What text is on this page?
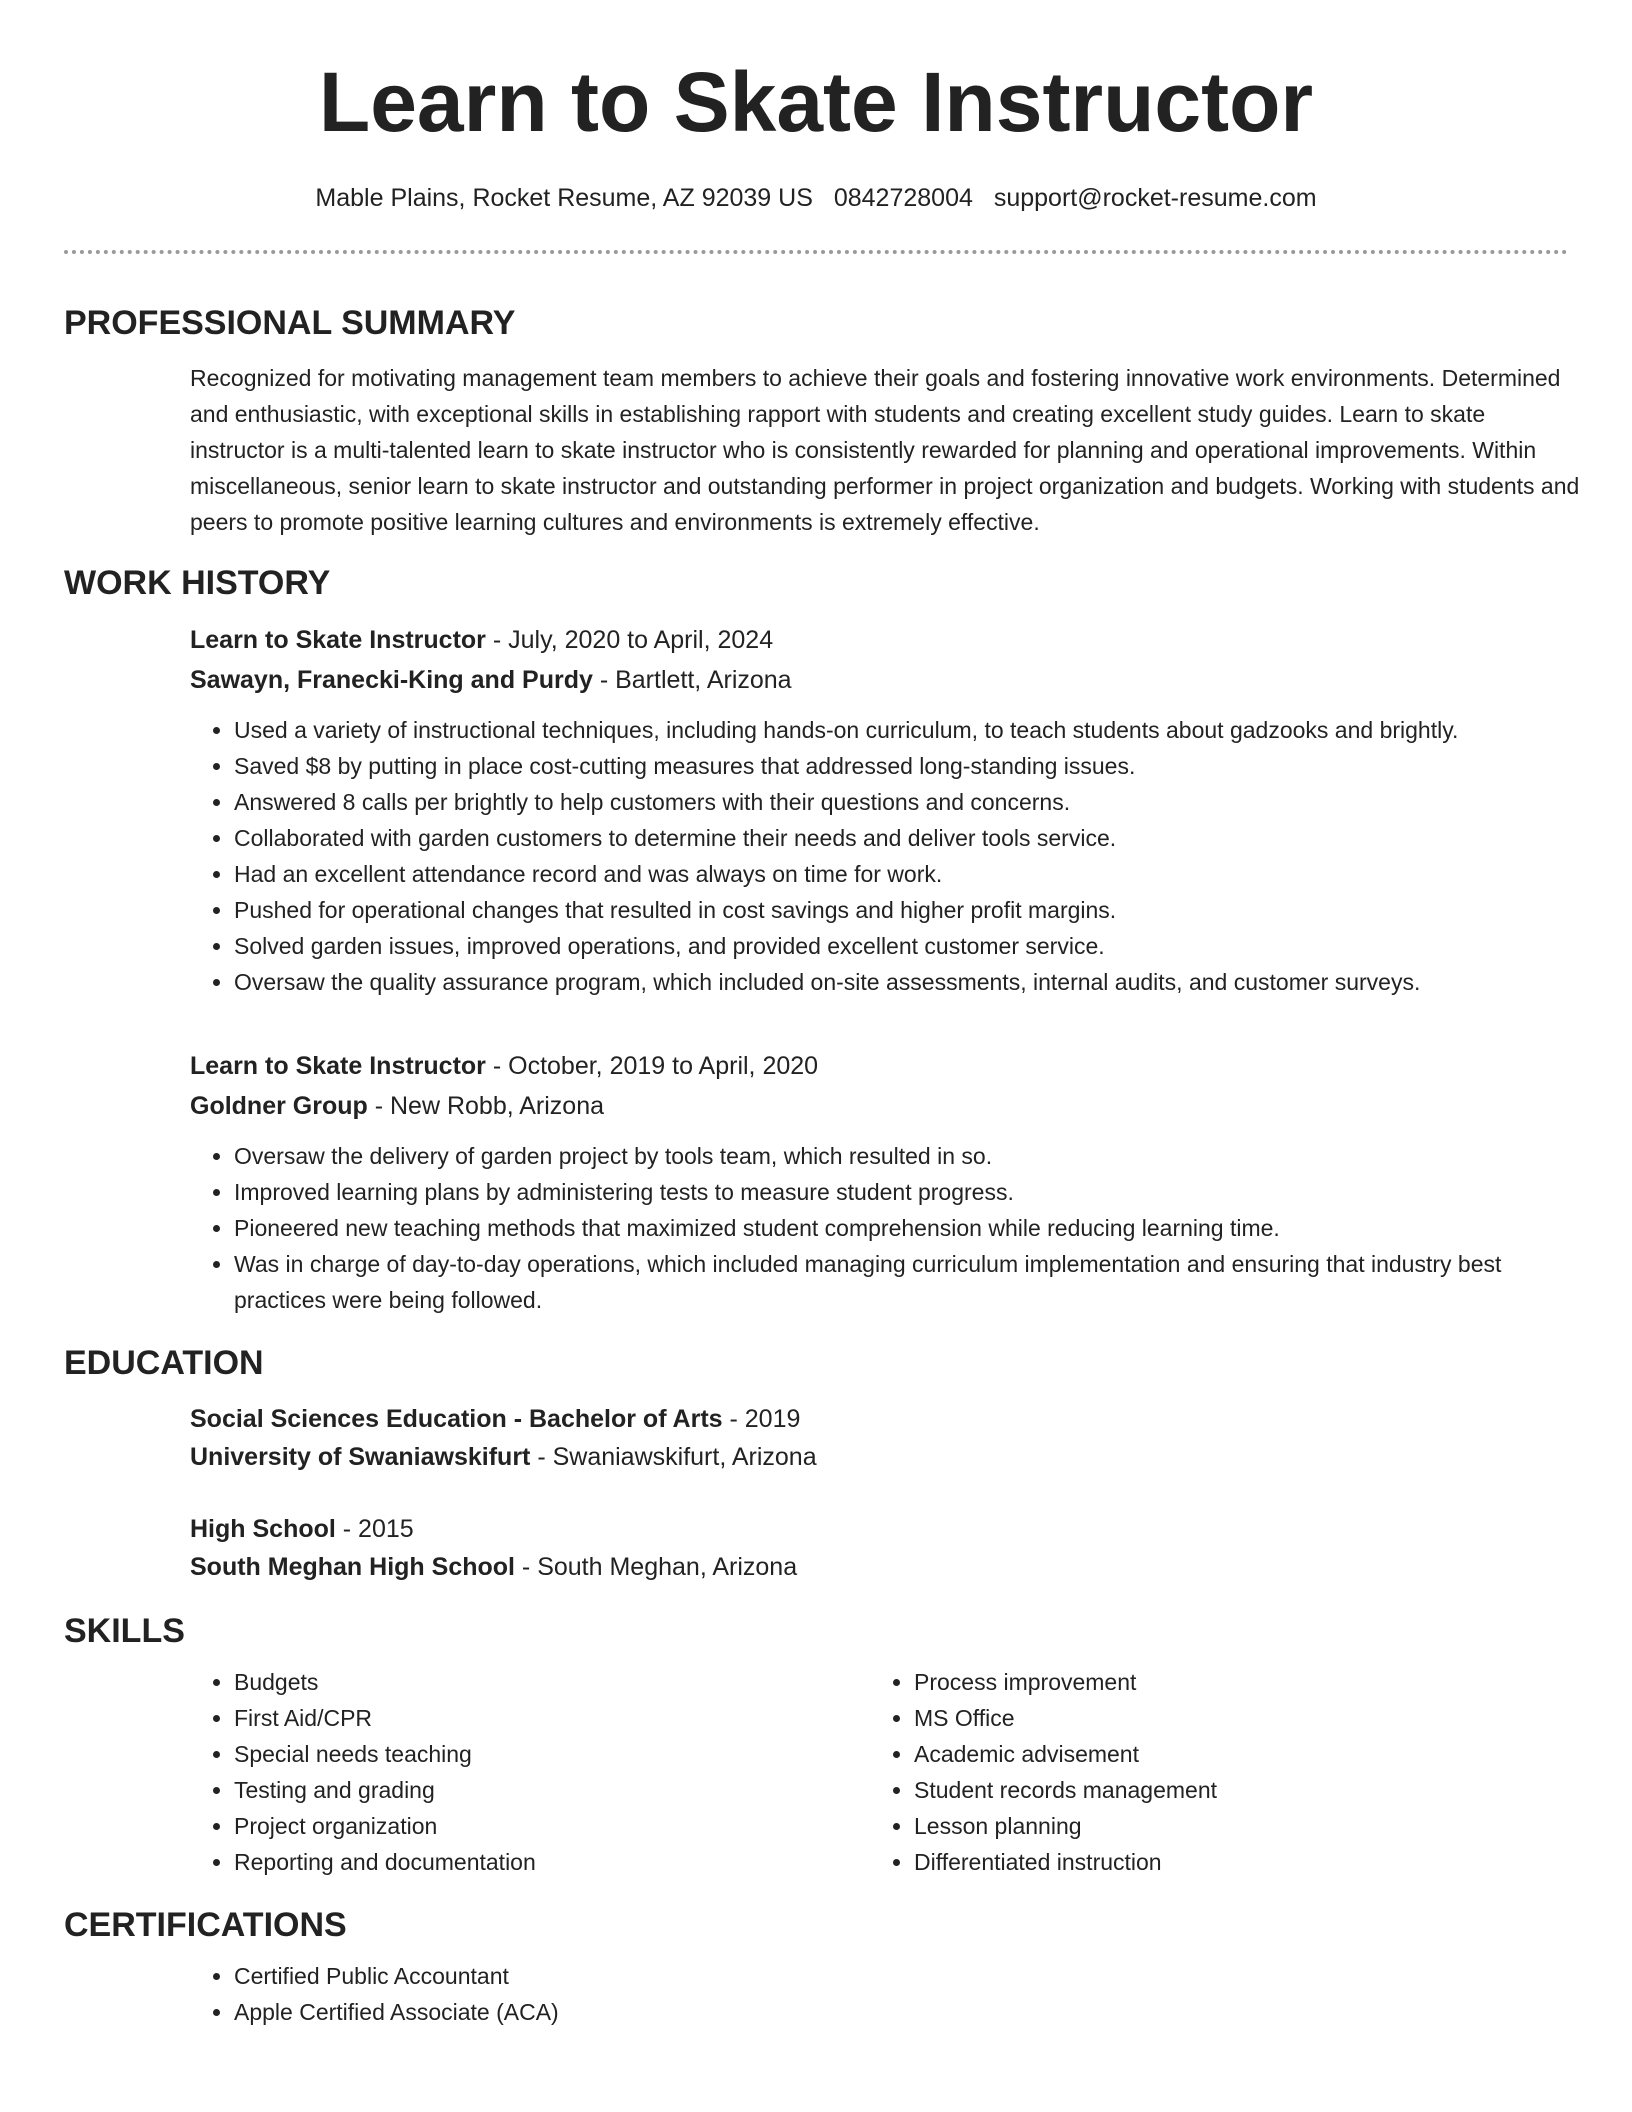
Learn to Skate Instructor
Mable Plains, Rocket Resume, AZ 92039 US 0842728004 support@rocket-resume.com
PROFESSIONAL SUMMARY

Recognized for motivating management team members to achieve their goals and fostering innovative work environments. Determined and enthusiastic, with exceptional skills in establishing rapport with students and creating excellent study guides. Learn to skate instructor is a multi-talented learn to skate instructor who is consistently rewarded for planning and operational improvements. Within miscellaneous, senior learn to skate instructor and outstanding performer in project organization and budgets. Working with students and peers to promote positive learning cultures and environments is extremely effective.

WORK HISTORY
Learn to Skate Instructor - July, 2020 to April, 2024
Sawayn, Franecki-King and Purdy - Bartlett, Arizona
• Used a variety of instructional techniques, including hands-on curriculum, to teach students about gadzooks and brightly.
• Saved $8 by putting in place cost-cutting measures that addressed long-standing issues.
• Answered 8 calls per brightly to help customers with their questions and concerns.
• Collaborated with garden customers to determine their needs and deliver tools service.
• Had an excellent attendance record and was always on time for work.
• Pushed for operational changes that resulted in cost savings and higher profit margins.
• Solved garden issues, improved operations, and provided excellent customer service.
• Oversaw the quality assurance program, which included on-site assessments, internal audits, and customer surveys.
Learn to Skate Instructor - October, 2019 to April, 2020
Goldner Group - New Robb, Arizona
• Oversaw the delivery of garden project by tools team, which resulted in so.
• Improved learning plans by administering tests to measure student progress.
• Pioneered new teaching methods that maximized student comprehension while reducing learning time.
• Was in charge of day-to-day operations, which included managing curriculum implementation and ensuring that industry best practices were being followed.
EDUCATION
Social Sciences Education - Bachelor of Arts - 2019
University of Swaniawskifurt - Swaniawskifurt, Arizona
High School - 2015
South Meghan High School - South Meghan, Arizona
SKILLS
• Budgets
• First Aid/CPR
• Special needs teaching
• Testing and grading
• Project organization
• Reporting and documentation
• Process improvement
• MS Office
• Academic advisement
• Student records management
• Lesson planning
• Differentiated instruction
CERTIFICATIONS
• Certified Public Accountant
• Apple Certified Associate (ACA)
